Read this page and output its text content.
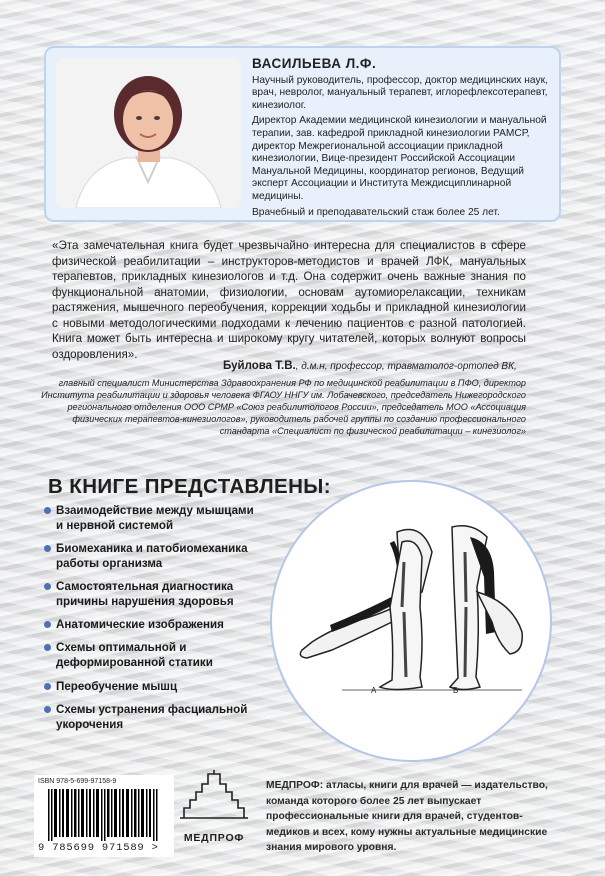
ВАСИЛЬЕВА Л.Ф.

Научный руководитель, профессор, доктор медицинских наук, врач, невролог, мануальный терапевт, иглорефлексотерапевт, кинезиолог.

Директор Академии медицинской кинезиологии и мануальной терапии, зав. кафедрой прикладной кинезиологии РАМСР, директор Межрегиональной ассоциации прикладной кинезиологии, Вице-президент Российской Ассоциации Мануальной Медицины, координатор регионов, Ведущий эксперт Ассоциации и Института Междисциплинарной медицины.

Врачебный и преподавательский стаж более 25 лет.

«Эта замечательная книга будет чрезвычайно интересна для специалистов в сфере физической реабилитации – инструкторов-методистов и врачей ЛФК, мануальных терапевтов, прикладных кинезиологов и т.д. Она содержит очень важные знания по функциональной анатомии, физиологии, основам аутомиорелаксации, техникам растяжения, мышечного переобучения, коррекции ходьбы и прикладной кинезиологии с новыми методологическими подходами к лечению пациентов с разной патологией. Книга может быть интересна и широкому кругу читателей, которых волнуют вопросы оздоровления».
Буйлова Т.В., д.м.н, профессор, травматолог-ортопед ВК,
главный специалист Министерства Здравоохранения РФ по медицинской реабилитации в ПФО, директор Института реабилитации и здоровья человека ФГАОУ ННГУ им. Лобачевского, председатель Нижегородского регионального отделения ООО СРМР «Союз реабилитологов России», председатель МОО «Ассоциация физических терапевтов-кинезиологов», руководитель рабочей группы по созданию профессионального стандарта «Специалист по физической реабилитации – кинезиолог»
В КНИГЕ ПРЕДСТАВЛЕНЫ:
Взаимодействие между мышцами и нервной системой
Биомеханика и патобиомеханика работы организма
Самостоятельная диагностика причины нарушения здоровья
Анатомические изображения
Схемы оптимальной и деформированной статики
Переобучение мышц
Схемы устранения фасциальной укорочения
А	Б
ISBN 978-5-699-97158-9
9 785699 971589 >
МЕДПРОФ
МЕДПРОФ: атласы, книги для врачей — издательство, команда которого более 25 лет выпускает профессиональные книги для врачей, студентов-медиков и всех, кому нужны актуальные медицинские знания мирового уровня.
